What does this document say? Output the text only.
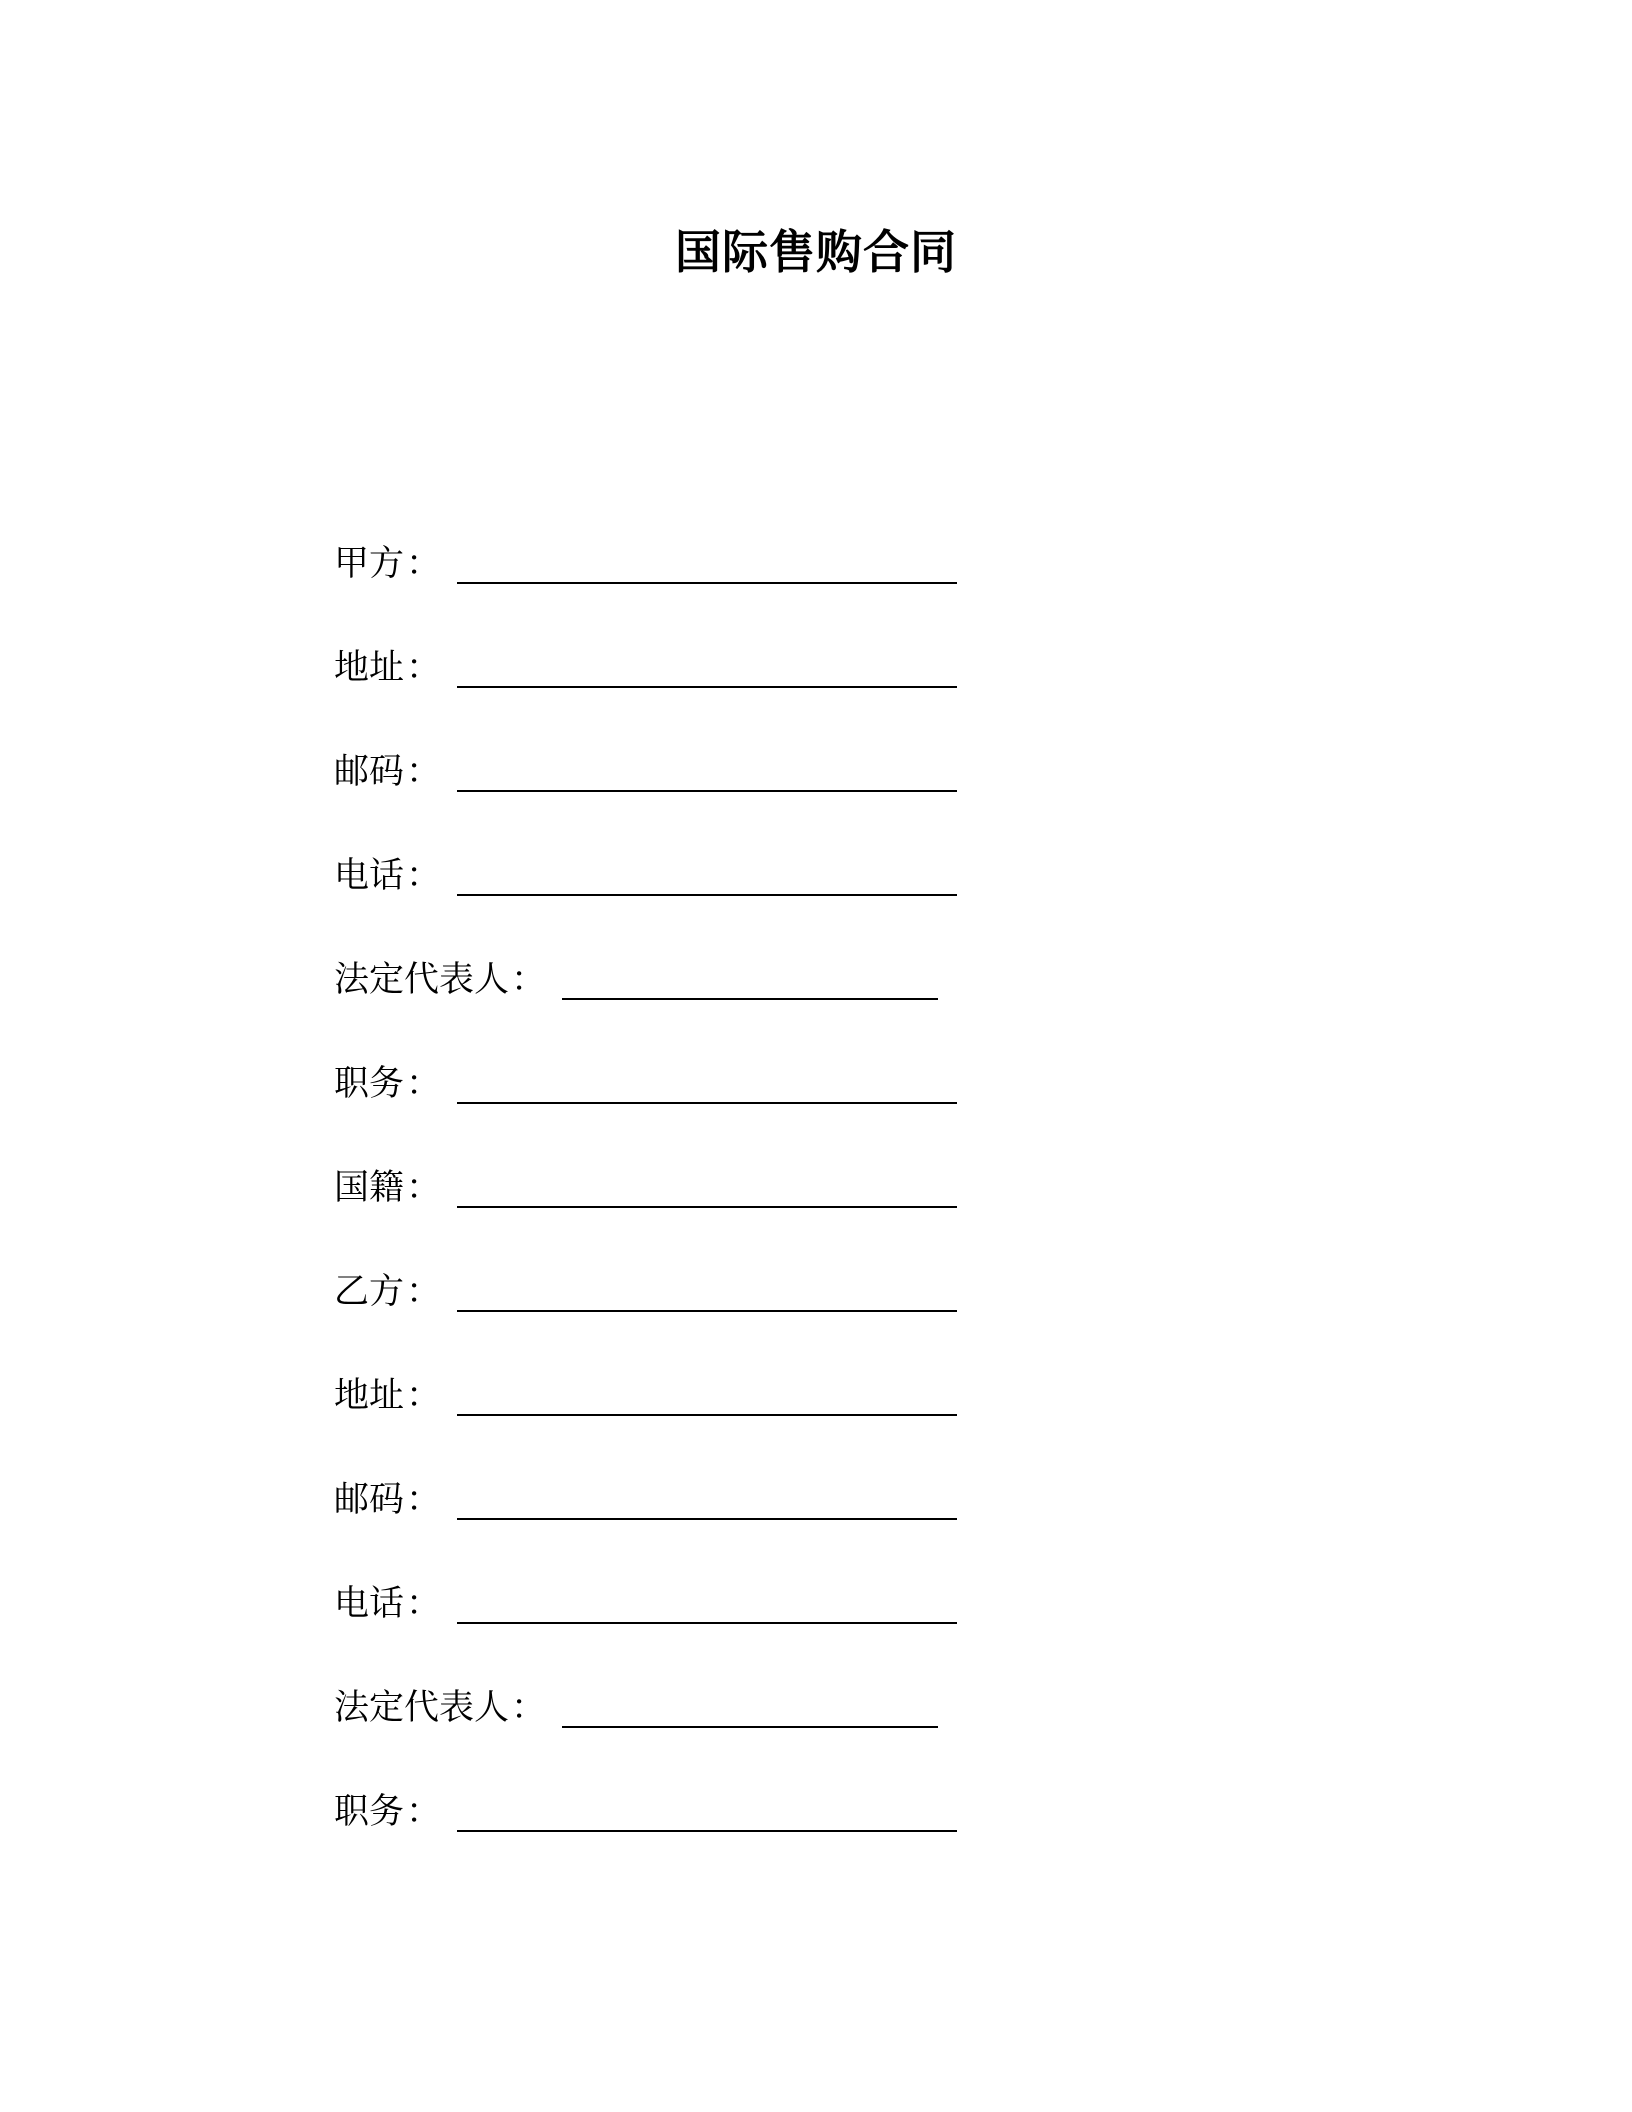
国际售购合同
甲方 ：
地址 ：
邮码 ：
电话 ：
法定代表人 ：
职务 ：
国籍 ：
乙方 ：
地址 ：
邮码 ：
电话 ：
法定代表人 ：
职务 ：
